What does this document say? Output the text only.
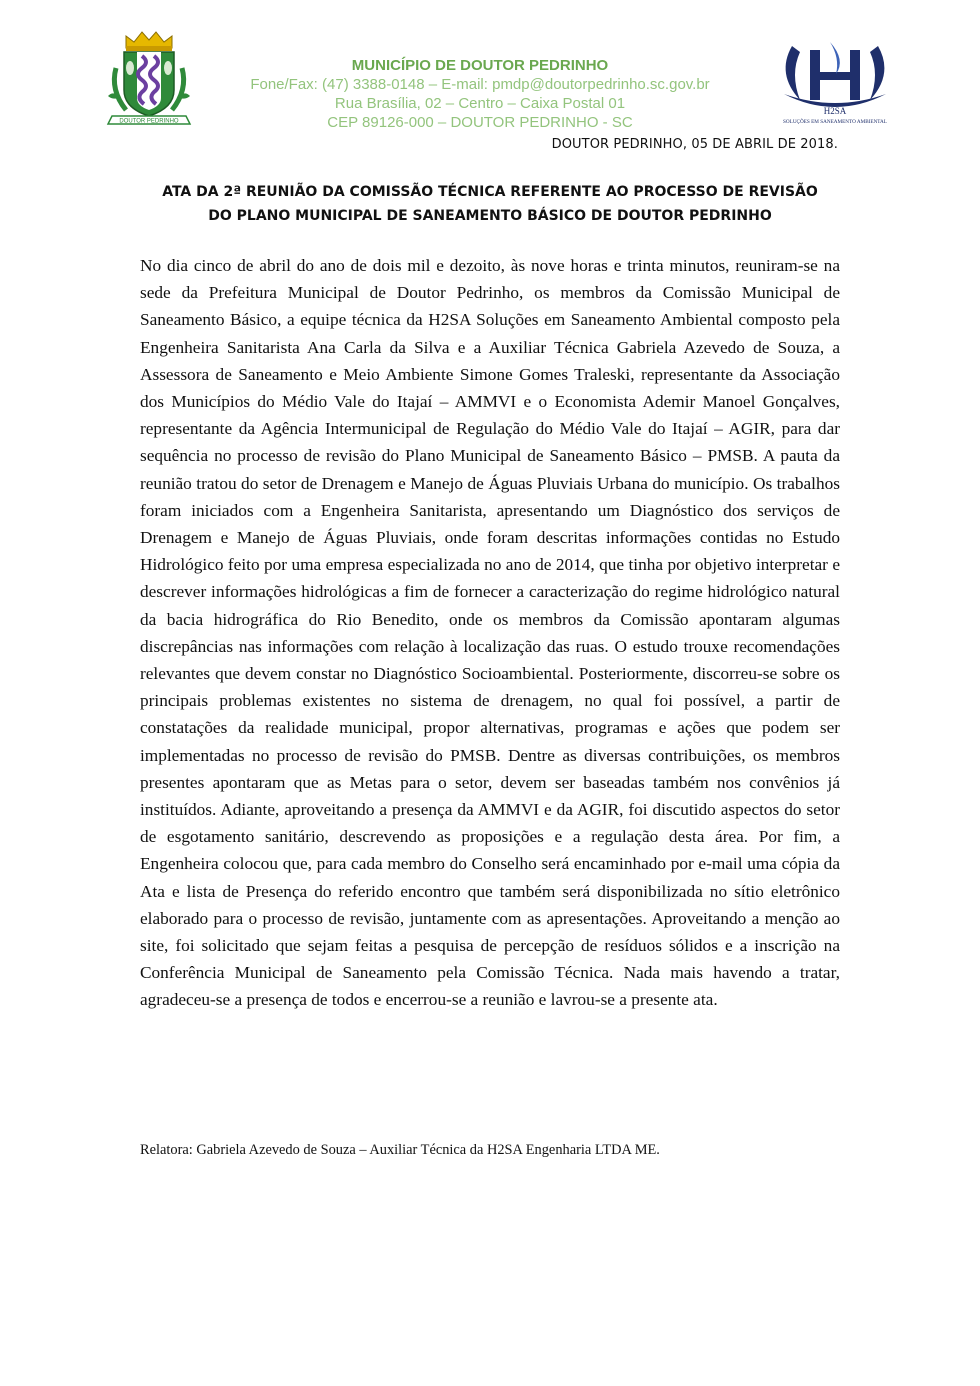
DOUTOR PEDRINHO
MUNICÍPIO DE DOUTOR PEDRINHO
Fone/Fax: (47) 3388-0148 – E-mail: pmdp@doutorpedrinho.sc.gov.br
Rua Brasília, 02 – Centro – Caixa Postal 01
CEP 89126-000 – DOUTOR PEDRINHO - SC
H2SA
SOLUÇÕES EM SANEAMENTO AMBIENTAL
DOUTOR PEDRINHO, 05 DE ABRIL DE 2018.
ATA DA 2ª REUNIÃO DA COMISSÃO TÉCNICA REFERENTE AO PROCESSO DE REVISÃO
DO PLANO MUNICIPAL DE SANEAMENTO BÁSICO DE DOUTOR PEDRINHO

No dia cinco de abril do ano de dois mil e dezoito, às nove horas e trinta minutos, reuniram-se na sede da Prefeitura Municipal de Doutor Pedrinho, os membros da Comissão Municipal de Saneamento Básico, a equipe técnica da H2SA Soluções em Saneamento Ambiental composto pela Engenheira Sanitarista Ana Carla da Silva e a Auxiliar Técnica Gabriela Azevedo de Souza, a Assessora de Saneamento e Meio Ambiente Simone Gomes Traleski, representante da Associação dos Municípios do Médio Vale do Itajaí – AMMVI e o Economista Ademir Manoel Gonçalves, representante da Agência Intermunicipal de Regulação do Médio Vale do Itajaí – AGIR, para dar sequência no processo de revisão do Plano Municipal de Saneamento Básico – PMSB. A pauta da reunião tratou do setor de Drenagem e Manejo de Águas Pluviais Urbana do município. Os trabalhos foram iniciados com a Engenheira Sanitarista, apresentando um Diagnóstico dos serviços de Drenagem e Manejo de Águas Pluviais, onde foram descritas informações contidas no Estudo Hidrológico feito por uma empresa especializada no ano de 2014, que tinha por objetivo interpretar e descrever informações hidrológicas a fim de fornecer a caracterização do regime hidrológico natural da bacia hidrográfica do Rio Benedito, onde os membros da Comissão apontaram algumas discrepâncias nas informações com relação à localização das ruas. O estudo trouxe recomendações relevantes que devem constar no Diagnóstico Socioambiental. Posteriormente, discorreu-se sobre os principais problemas existentes no sistema de drenagem, no qual foi possível, a partir de constatações da realidade municipal, propor alternativas, programas e ações que podem ser implementadas no processo de revisão do PMSB. Dentre as diversas contribuições, os membros presentes apontaram que as Metas para o setor, devem ser baseadas também nos convênios já instituídos. Adiante, aproveitando a presença da AMMVI e da AGIR, foi discutido aspectos do setor de esgotamento sanitário, descrevendo as proposições e a regulação desta área. Por fim, a Engenheira colocou que, para cada membro do Conselho será encaminhado por e-mail uma cópia da Ata e lista de Presença do referido encontro que também será disponibilizada no sítio eletrônico elaborado para o processo de revisão, juntamente com as apresentações. Aproveitando a menção ao site, foi solicitado que sejam feitas a pesquisa de percepção de resíduos sólidos e a inscrição na Conferência Municipal de Saneamento pela Comissão Técnica. Nada mais havendo a tratar, agradeceu-se a presença de todos e encerrou-se a reunião e lavrou-se a presente ata.

Relatora: Gabriela Azevedo de Souza – Auxiliar Técnica da H2SA Engenharia LTDA ME.
